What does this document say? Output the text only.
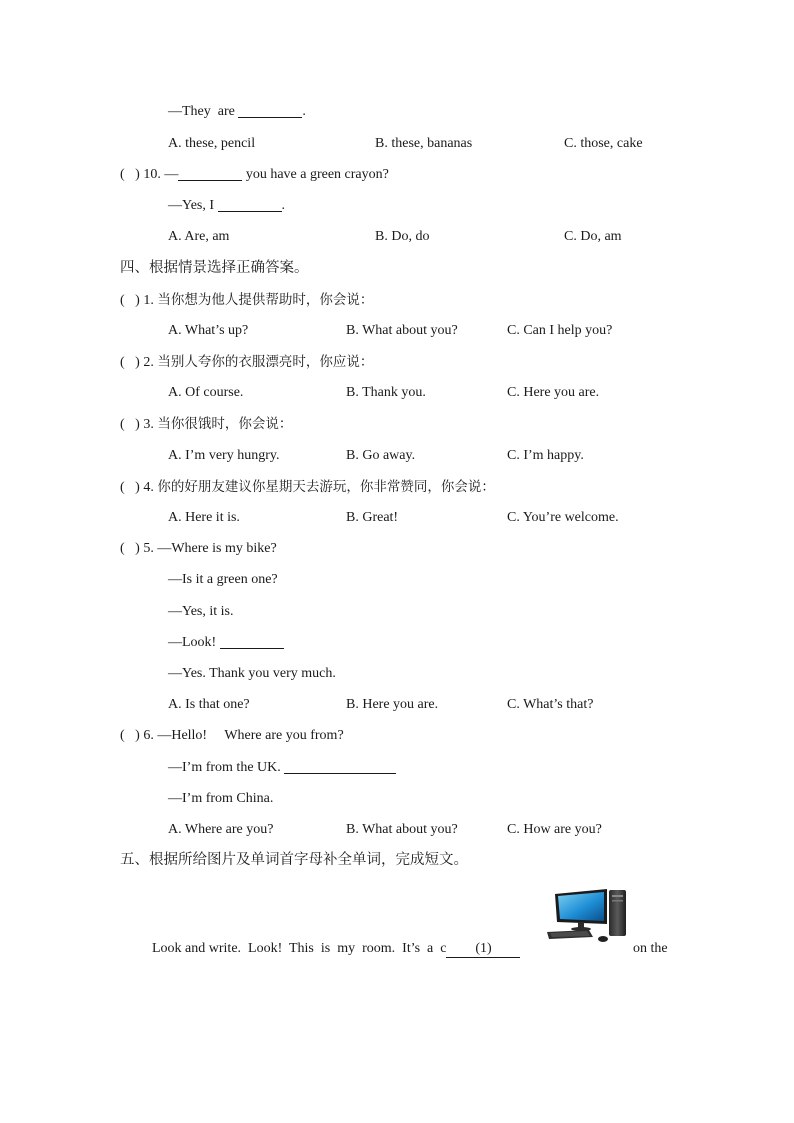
—They  are	.
A. these, pencil	B. these, bananas	C. those, cake
(   ) 10. —	you have a green crayon?
—Yes, I	.
A. Are, am	B. Do, do	C. Do, am
四、根据情景选择正确答案。
(   ) 1. 当你想为他人提供帮助时，你会说：
A. What’s up?	B. What about you?	C. Can I help you?
(   ) 2. 当别人夸你的衣服漂亮时，你应说：
A. Of course.	B. Thank you.	C. Here you are.
(   ) 3. 当你很饿时，你会说：
A. I’m very hungry.	B. Go away.	C. I’m happy.
(   ) 4. 你的好朋友建议你星期天去游玩，你非常赞同，你会说：
A. Here it is.	B. Great!	C. You’re welcome.
(   ) 5. —Where is my bike?
—Is it a green one?
—Yes, it is.
—Look!
—Yes. Thank you very much.
A. Is that one?	B. Here you are.	C. What’s that?
(   ) 6. —Hello!     Where are you from?
—I’m from the UK.
—I’m from China.
A. Where are you?	B. What about you?	C. How are you?
五、根据所给图片及单词首字母补全单词，完成短文。
Look and write.  Look!  This  is  my  room.  It’s  a  c (1)	on the
